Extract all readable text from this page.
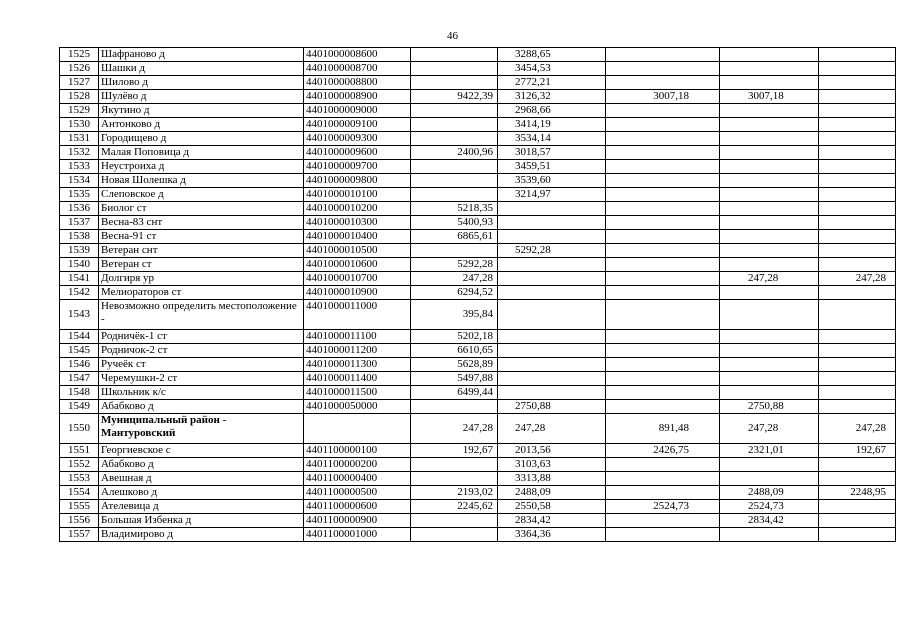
46
1525	Шафраново д	4401000008600		3288,65			
1526	Шашки д	4401000008700		3454,53			
1527	Шилово д	4401000008800		2772,21			
1528	Шулёво д	4401000008900	9422,39	3126,32	3007,18	3007,18	
1529	Якутино д	4401000009000		2968,66			
1530	Антонково д	4401000009100		3414,19			
1531	Городищево д	4401000009300		3534,14			
1532	Малая Поповица д	4401000009600	2400,96	3018,57			
1533	Неустроиха д	4401000009700		3459,51			
1534	Новая Шолешка д	4401000009800		3539,60			
1535	Слеповское д	4401000010100		3214,97			
1536	Биолог ст	4401000010200	5218,35				
1537	Весна-83 снт	4401000010300	5400,93				
1538	Весна-91 ст	4401000010400	6865,61				
1539	Ветеран снт	4401000010500		5292,28			
1540	Ветеран ст	4401000010600	5292,28				
1541	Долгиря ур	4401000010700	247,28			247,28	247,28
1542	Мелиораторов ст	4401000010900	6294,52				
1543	Невозможно определить местоположение -	4401000011000	395,84				
1544	Родничёк-1 ст	4401000011100	5202,18				
1545	Родничок-2 ст	4401000011200	6610,65				
1546	Ручеёк ст	4401000011300	5628,89				
1547	Черемушки-2 ст	4401000011400	5497,88				
1548	Школьник к/с	4401000011500	6499,44				
1549	Абабково д	4401000050000		2750,88		2750,88	
1550	Муниципальный район - Мантуровский		247,28	247,28	891,48	247,28	247,28
1551	Георгиевское с	4401100000100	192,67	2013,56	2426,75	2321,01	192,67
1552	Абабково д	4401100000200		3103,63			
1553	Авешная д	4401100000400		3313,88			
1554	Алешково д	4401100000500	2193,02	2488,09		2488,09	2248,95
1555	Ателевица д	4401100000600	2245,62	2550,58	2524,73	2524,73	
1556	Большая Избенка д	4401100000900		2834,42		2834,42	
1557	Владимирово д	4401100001000		3364,36			
